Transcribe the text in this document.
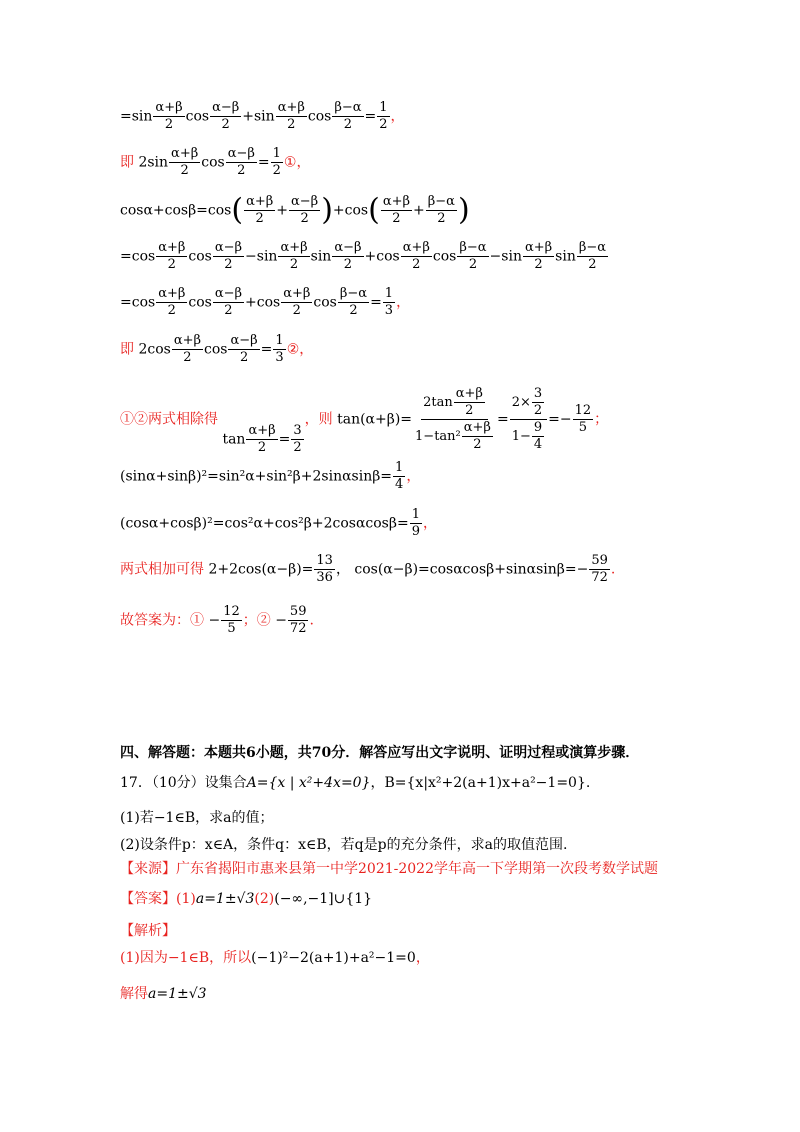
$=\sin \frac{\alpha+\beta}{2}$ $\cos \frac{\alpha-\beta}{2} +\sin \frac{\alpha+\beta}{2}$ $\cos \frac{\beta-\alpha}{2} = \frac{1}{2}$ ，
即 $2\sin \frac{\alpha+\beta}{2}$ $\cos \frac{\alpha-\beta}{2} = \frac{1}{2}$ ①，
$\cos\alpha+\cos\beta=\cos( \frac{\alpha+\beta}{2} + \frac{\alpha-\beta}{2} )+\cos( \frac{\alpha+\beta}{2} + \frac{\beta-\alpha}{2}$ )
$=\cos \frac{\alpha+\beta}{2}$ $\cos \frac{\alpha-\beta}{2} -\sin \frac{\alpha+\beta}{2}$ $\sin \frac{\alpha-\beta}{2} +\cos \frac{\alpha+\beta}{2}$ $\cos \frac{\beta-\alpha}{2} -\sin \frac{\alpha+\beta}{2}$ $\sin \frac{\beta-\alpha}{2}$
$=\cos \frac{\alpha+\beta}{2}$ $\cos \frac{\alpha-\beta}{2} +\cos \frac{\alpha+\beta}{2}$ $\cos \frac{\beta-\alpha}{2} = \frac{1}{3}$ ，
即 $2\cos \frac{\alpha+\beta}{2}$ $\cos \frac{\alpha-\beta}{2} = \frac{1}{3}$ ②，
①②两式相除得 $\tan \frac{\alpha+\beta}{2} = \frac{3}{2}$
，则 $\tan(\alpha+\beta)= \frac{2\tan \frac{\alpha+\beta}{2}}{1-\tan^2 \frac{\alpha+\beta}{2}} = \frac{2\times \frac{3}{2}}{1- \frac{9}{4}} =- \frac{12}{5}$ ；
$(\sin\alpha+\sin\beta)^2=\sin^2\alpha+\sin^2\beta+2\sin\alpha\sin\beta= \frac{1}{4}$ ，
$(\cos\alpha+\cos\beta)^2=\cos^2\alpha+\cos^2\beta+2\cos\alpha\cos\beta= \frac{1}{9}$ ，
两式相加可得 $2+2\cos(\alpha-\beta)= \frac{13}{36}$ ， $\cos(\alpha-\beta)=\cos\alpha\cos\beta+\sin\alpha\sin\beta=- \frac{59}{72}$ .
故答案为：① − $\frac{12}{5}$ ；② − $\frac{59}{72}$ .
四、解答题：本题共6小题，共70分．解答应写出文字说明、证明过程或演算步骤．
17．（10分）设集合A={x | x²+4x=0}，B={x|x²+2(a+1)x+a²−1=0}.
(1)若−1∈B，求a的值；
(2)设条件p：x∈A，条件q：x∈B，若q是p的充分条件，求a的取值范围.
【来源】广东省揭阳市惠来县第一中学2021-2022学年高一下学期第一次段考数学试题
【答案】(1)a=1±√3(2)(−∞,−1]∪{1}
【解析】
(1)因为−1∈B，所以(−1)²−2(a+1)+a²−1=0，
解得a=1±√3
